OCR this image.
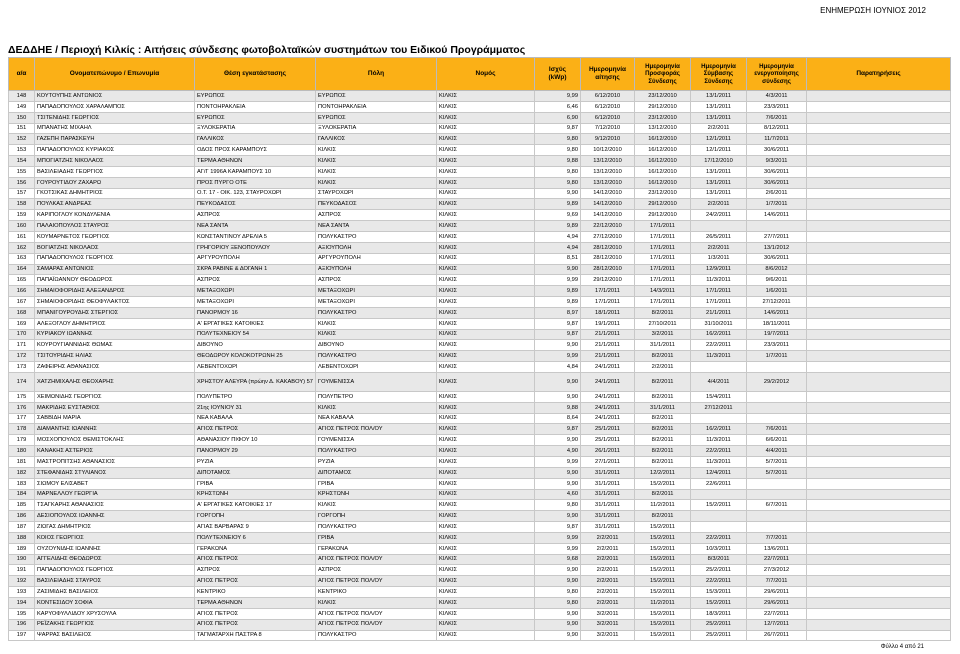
ΕΝΗΜΕΡΩΣΗ ΙΟΥΝΙΟΣ 2012
ΔΕΔΔΗΕ / Περιοχή Κιλκίς : Αιτήσεις σύνδεσης φωτοβολταϊκών συστημάτων του Ειδικού Προγράμματος
α/α	Ονοματεπώνυμο / Επωνυμία	Θέση εγκατάστασης	Πόλη	Νομός	Ισχύς
(kWp)	Ημερομηνία
αίτησης	Ημερομηνία
Προσφοράς
Σύνδεσης	Ημερομηνία
Σύμβασης
Σύνδεσης	Ημερομηνία
ενεργοποίησης
σύνδεσης	Παρατηρήσεις
148	ΚΟΥΤΟΥΠΗΣ ΑΝΤΩΝΙΟΣ	ΕΥΡΩΠΟΣ	ΕΥΡΩΠΟΣ	ΚΙΛΚΙΣ	9,99	6/12/2010	23/12/2010	13/1/2011	4/3/2011	
149	ΠΑΠΑΔΟΠΟΥΛΟΣ ΧΑΡΑΛΑΜΠΟΣ	ΠΟΝΤΟΗΡΑΚΛΕΙΑ	ΠΟΝΤΟΗΡΑΚΛΕΙΑ	ΚΙΛΚΙΣ	6,46	6/12/2010	29/12/2010	13/1/2011	23/3/2011	
150	ΤΣΙΤΕΝΙΔΗΣ ΓΕΩΡΓΙΟΣ	ΕΥΡΩΠΟΣ	ΕΥΡΩΠΟΣ	ΚΙΛΚΙΣ	6,90	6/12/2010	23/12/2010	13/1/2011	7/6/2011	
151	ΜΠΑΝΑΤΗΣ ΜΙΧΑΗΛ	ΞΥΛΟΚΕΡΑΤΙΑ	ΞΥΛΟΚΕΡΑΤΙΑ	ΚΙΛΚΙΣ	9,87	7/12/2010	13/12/2010	2/2/2011	8/12/2011	
152	ΓΑΖΕΠΗ ΠΑΡΑΣΚΕΥΗ	ΓΑΛΛΙΚΟΣ	ΓΑΛΛΙΚΟΣ	ΚΙΛΚΙΣ	9,80	9/12/2010	16/12/2010	12/1/2011	11/7/2011	
153	ΠΑΠΑΔΟΠΟΥΛΟΣ ΚΥΡΙΑΚΟΣ	ΟΔΟΣ ΠΡΟΣ ΚΑΡΑΜΠΟΥΣ	ΚΙΛΚΙΣ	ΚΙΛΚΙΣ	9,80	10/12/2010	16/12/2010	12/1/2011	30/6/2011	
154	ΜΠΟΓΙΑΤΖΗΣ ΝΙΚΟΛΑΟΣ	ΤΕΡΜΑ ΑΘΗΝΩΝ	ΚΙΛΚΙΣ	ΚΙΛΚΙΣ	9,88	13/12/2010	16/12/2010	17/12/2010	9/3/2011	
155	ΒΑΣΙΛΕΙΑΔΗΣ ΓΕΩΡΓΙΟΣ	ΑΓ/Γ 1996Α ΚΑΡΑΜΠΟΥΣ 10	ΚΙΛΚΙΣ	ΚΙΛΚΙΣ	9,80	13/12/2010	16/12/2010	13/1/2011	30/6/2011	
156	ΓΟΥΡΟΥΤΙΔΟΥ ΖΑΧΑΡΩ	ΠΡΟΣ ΠΥΡΓΟ ΟΤΕ	ΚΙΛΚΙΣ	ΚΙΛΚΙΣ	9,80	13/12/2010	16/12/2010	13/1/2011	30/6/2011	
157	ΓΚΟΤΣΙΚΑΣ ΔΗΜΗΤΡΙΟΣ	Ο.Τ. 17 - ΟΙΚ. 123, ΣΤΑΥΡΟΧΩΡΙ	ΣΤΑΥΡΟΧΩΡΙ	ΚΙΛΚΙΣ	9,90	14/12/2010	23/12/2010	13/1/2011	2/6/2011	
158	ΠΟΥΛΚΑΣ ΑΝΔΡΕΑΣ	ΠΕΥΚΟΔΑΣΟΣ	ΠΕΥΚΟΔΑΣΟΣ	ΚΙΛΚΙΣ	9,89	14/12/2010	29/12/2010	2/2/2011	1/7/2011	
159	ΚΑΡΙΠΟΓΛΟΥ ΚΟΝΔΥΛΕΝΙΑ	ΑΣΠΡΟΣ	ΑΣΠΡΟΣ	ΚΙΛΚΙΣ	9,69	14/12/2010	29/12/2010	24/2/2011	14/6/2011	
160	ΠΑΛΑΙΟΠΟΥΛΟΣ ΣΤΑΥΡΟΣ	ΝΕΑ ΣΑΝΤΑ	ΝΕΑ ΣΑΝΤΑ	ΚΙΛΚΙΣ	9,89	22/12/2010	17/1/2011			
161	ΚΟΥΜΑΡΝΕΤΟΣ ΓΕΩΡΓΙΟΣ	ΚΩΝΣΤΑΝΤΙΝΟΥ ΔΡΕΛΙΑ 5	ΠΟΛΥΚΑΣΤΡΟ	ΚΙΛΚΙΣ	4,94	27/12/2010	17/1/2011	26/5/2011	27/7/2011	
162	ΒΟΓΙΑΤΖΗΣ ΝΙΚΟΛΑΟΣ	ΓΡΗΓΟΡΙΟΥ ΞΕΝΟΠΟΥΛΟΥ	ΑΞΙΟΥΠΟΛΗ	ΚΙΛΚΙΣ	4,94	28/12/2010	17/1/2011	2/2/2011	13/1/2012	
163	ΠΑΠΑΔΟΠΟΥΛΟΣ ΓΕΩΡΓΙΟΣ	ΑΡΓΥΡΟΥΠΟΛΗ	ΑΡΓΥΡΟΥΠΟΛΗ	ΚΙΛΚΙΣ	8,51	28/12/2010	17/1/2011	1/3/2011	30/6/2011	
164	ΣΑΜΑΡΑΣ ΑΝΤΩΝΙΟΣ	ΣΚΡΑ ΡΑΒΙΝΕ & ΔΟΓΑΝΗ 1	ΑΞΙΟΥΠΟΛΗ	ΚΙΛΚΙΣ	9,90	28/12/2010	17/1/2011	12/9/2011	8/6/2012	
165	ΠΑΠΑΪΩΑΝΝΟΥ ΘΕΟΔΩΡΟΣ	ΑΣΠΡΟΣ	ΑΣΠΡΟΣ	ΚΙΛΚΙΣ	9,99	29/12/2010	17/1/2011	11/3/2011	9/6/2011	
166	ΣΗΜΑΙΟΦΟΡΙΔΗΣ ΑΛΕΞΑΝΔΡΟΣ	ΜΕΤΑΞΟΧΩΡΙ	ΜΕΤΑΞΟΧΩΡΙ	ΚΙΛΚΙΣ	9,89	17/1/2011	14/3/2011	17/1/2011	1/6/2011	
167	ΣΗΜΑΙΟΦΟΡΙΔΗΣ ΘΕΟΦΥΛΑΚΤΟΣ	ΜΕΤΑΞΟΧΩΡΙ	ΜΕΤΑΞΟΧΩΡΙ	ΚΙΛΚΙΣ	9,89	17/1/2011	17/1/2011	17/1/2011	27/12/2011	
168	ΜΠΑΝΙΓΟΥΡΟΥΔΗΣ ΣΤΕΡΓΙΟΣ	ΠΑΝΟΡΜΟΥ 16	ΠΟΛΥΚΑΣΤΡΟ	ΚΙΛΚΙΣ	8,97	18/1/2011	8/2/2011	21/1/2011	14/6/2011	
169	ΑΛΕΞΟΓΛΟΥ ΔΗΜΗΤΡΙΟΣ	Α' ΕΡΓΑΤΙΚΕΣ ΚΑΤΟΙΚΙΕΣ	ΚΙΛΚΙΣ	ΚΙΛΚΙΣ	9,87	19/1/2011	27/10/2011	31/10/2011	18/11/2011	
170	ΚΥΡΙΑΚΟΥ ΙΩΑΝΝΗΣ	ΠΟΛΥΤΕΧΝΕΙΟΥ 54	ΚΙΛΚΙΣ	ΚΙΛΚΙΣ	9,87	21/1/2011	3/2/2011	16/2/2011	19/7/2011	
171	ΚΟΥΡΟΥΓΙΑΝΝΙΔΗΣ ΘΩΜΑΣ	ΔΙΒΟΥΝΟ	ΔΙΒΟΥΝΟ	ΚΙΛΚΙΣ	9,90	21/1/2011	31/1/2011	22/2/2011	23/3/2011	
172	ΤΣΙΤΟΥΡΙΔΗΣ ΗΛΙΑΣ	ΘΕΟΔΩΡΟΥ ΚΟΛΟΚΟΤΡΩΝΗ 25	ΠΟΛΥΚΑΣΤΡΟ	ΚΙΛΚΙΣ	9,99	21/1/2011	8/2/2011	11/3/2011	1/7/2011	
173	ΖΑΦΕΙΡΗΣ ΑΘΑΝΑΣΙΟΣ	ΛΕΒΕΝΤΟΧΩΡΙ	ΛΕΒΕΝΤΟΧΩΡΙ	ΚΙΛΚΙΣ	4,84	24/1/2011	2/2/2011			
174	ΧΑΤΖΗΜΙΧΑΛΗΣ ΘΕΟΧΑΡΗΣ	ΧΡΗΣΤΟΥ ΑΛΕΥΡΑ (πρώην Δ. ΚΑΚΑΒΟΥ) 57	ΓΟΥΜΕΝΙΣΣΑ	ΚΙΛΚΙΣ	9,90	24/1/2011	8/2/2011	4/4/2011	29/2/2012	
175	ΧΕΙΜΩΝΙΔΗΣ ΓΕΩΡΓΙΟΣ	ΠΟΛΥΠΕΤΡΟ	ΠΟΛΥΠΕΤΡΟ	ΚΙΛΚΙΣ	9,90	24/1/2011	8/2/2011	15/4/2011		
176	ΜΑΚΡΙΔΗΣ ΕΥΣΤΑΘΙΟΣ	21ης ΙΟΥΝΙΟΥ 31	ΚΙΛΚΙΣ	ΚΙΛΚΙΣ	9,88	24/1/2011	31/1/2011	27/12/2011		
177	ΣΑΒΒΙΔΗ ΜΑΡΙΑ	ΝΕΑ ΚΑΒΑΛΑ	ΝΕΑ ΚΑΒΑΛΑ	ΚΙΛΚΙΣ	8,64	24/1/2011	8/2/2011			
178	ΔΙΑΜΑΝΤΗΣ ΙΩΑΝΝΗΣ	ΑΓΙΟΣ ΠΕΤΡΟΣ	ΑΓΙΟΣ ΠΕΤΡΟΣ ΠΟΛ/ΟΥ	ΚΙΛΚΙΣ	9,87	25/1/2011	8/2/2011	16/2/2011	7/6/2011	
179	ΜΟΣΧΟΠΟΥΛΟΣ ΘΕΜΙΣΤΟΚΛΗΣ	ΑΘΑΝΑΣΙΟΥ ΠΙΦΟΥ 10	ΓΟΥΜΕΝΙΣΣΑ	ΚΙΛΚΙΣ	9,90	25/1/2011	8/2/2011	11/3/2011	6/6/2011	
180	ΚΑΝΑΚΗΣ ΑΣΤΕΡΙΟΣ	ΠΑΝΟΡΜΟΥ 29	ΠΟΛΥΚΑΣΤΡΟ	ΚΙΛΚΙΣ	4,90	26/1/2011	8/2/2011	22/2/2011	4/4/2011	
181	ΜΑΣΤΡΟΠΙΤΣΗΣ ΑΘΑΝΑΣΙΟΣ	ΡΥΖΙΑ	ΡΥΖΙΑ	ΚΙΛΚΙΣ	9,99	27/1/2011	8/2/2011	11/3/2011	5/7/2011	
182	ΣΤΕΦΑΝΙΔΗΣ ΣΤΥΛΙΑΝΟΣ	ΔΙΠΟΤΑΜΟΣ	ΔΙΠΟΤΑΜΟΣ	ΚΙΛΚΙΣ	9,90	31/1/2011	12/2/2011	12/4/2011	5/7/2011	
183	ΣΙΩΜΟΥ ΕΛΙΣΑΒΕΤ	ΓΡΙΒΑ	ΓΡΙΒΑ	ΚΙΛΚΙΣ	9,90	31/1/2011	15/2/2011	22/6/2011		
184	ΜΑΡΝΕΛΛΟΥ ΓΕΩΡΓΙΑ	ΚΡΗΣΤΩΝΗ	ΚΡΗΣΤΩΝΗ	ΚΙΛΚΙΣ	4,60	31/1/2011	8/2/2011			
185	ΤΣΑΓΚΑΡΗΣ ΑΘΑΝΑΣΙΟΣ	Α' ΕΡΓΑΤΙΚΕΣ ΚΑΤΟΙΚΙΕΣ 17	ΚΙΛΚΙΣ	ΚΙΛΚΙΣ	9,80	31/1/2011	11/2/2011	15/2/2011	6/7/2011	
186	ΔΕΣΙΟΠΟΥΛΟΣ ΙΩΑΝΝΗΣ	ΓΟΡΓΟΠΗ	ΓΟΡΓΟΠΗ	ΚΙΛΚΙΣ	9,90	31/1/2011	8/2/2011			
187	ΖΙΩΓΑΣ ΔΗΜΗΤΡΙΟΣ	ΑΓΙΑΣ ΒΑΡΒΑΡΑΣ 9	ΠΟΛΥΚΑΣΤΡΟ	ΚΙΛΚΙΣ	9,87	31/1/2011	15/2/2011			
188	ΚΟΙΟΣ ΓΕΩΡΓΙΟΣ	ΠΟΛΥΤΕΧΝΕΙΟΥ 6	ΓΡΙΒΑ	ΚΙΛΚΙΣ	9,99	2/2/2011	15/2/2011	22/2/2011	7/7/2011	
189	ΟΥΖΟΥΝΙΔΗΣ ΙΩΑΝΝΗΣ	ΓΕΡΑΚΩΝΑ	ΓΕΡΑΚΩΝΑ	ΚΙΛΚΙΣ	9,99	2/2/2011	15/2/2011	10/3/2011	13/6/2011	
190	ΑΓΓΕΛΙΔΗΣ ΘΕΟΔΩΡΟΣ	ΑΓΙΟΣ ΠΕΤΡΟΣ	ΑΓΙΟΣ ΠΕΤΡΟΣ ΠΟΛ/ΟΥ	ΚΙΛΚΙΣ	9,68	2/2/2011	15/2/2011	8/3/2011	22/7/2011	
191	ΠΑΠΑΔΟΠΟΥΛΟΣ ΓΕΩΡΓΙΟΣ	ΑΣΠΡΟΣ	ΑΣΠΡΟΣ	ΚΙΛΚΙΣ	9,90	2/2/2011	15/2/2011	25/2/2011	27/3/2012	
192	ΒΑΣΙΛΕΙΑΔΗΣ ΣΤΑΥΡΟΣ	ΑΓΙΟΣ ΠΕΤΡΟΣ	ΑΓΙΟΣ ΠΕΤΡΟΣ ΠΟΛ/ΟΥ	ΚΙΛΚΙΣ	9,90	2/2/2011	15/2/2011	22/2/2011	7/7/2011	
193	ΖΑΣΙΜΙΔΗΣ ΒΑΣΙΛΕΙΟΣ	ΚΕΝΤΡΙΚΟ	ΚΕΝΤΡΙΚΟ	ΚΙΛΚΙΣ	9,80	2/2/2011	15/2/2011	15/3/2011	29/6/2011	
194	ΚΟΝΤΕΣΙΔΟΥ ΣΟΦΙΑ	ΤΕΡΜΑ ΑΘΗΝΩΝ	ΚΙΛΚΙΣ	ΚΙΛΚΙΣ	9,80	2/2/2011	11/2/2011	15/2/2011	29/6/2011	
195	ΚΑΡΥΟΦΥΛΛΙΔΟΥ ΧΡΥΣΟΥΛΑ	ΑΓΙΟΣ ΠΕΤΡΟΣ	ΑΓΙΟΣ ΠΕΤΡΟΣ ΠΟΛ/ΟΥ	ΚΙΛΚΙΣ	9,90	3/2/2011	15/2/2011	18/3/2011	22/7/2011	
196	ΡΕΪΖΑΚΗΣ ΓΕΩΡΓΙΟΣ	ΑΓΙΟΣ ΠΕΤΡΟΣ	ΑΓΙΟΣ ΠΕΤΡΟΣ ΠΟΛ/ΟΥ	ΚΙΛΚΙΣ	9,90	3/2/2011	15/2/2011	25/2/2011	12/7/2011	
197	ΨΑΡΡΑΣ ΒΑΣΙΛΕΙΟΣ	ΤΑΓΜΑΤΑΡΧΗ ΠΑΣΤΡΑ 8	ΠΟΛΥΚΑΣΤΡΟ	ΚΙΛΚΙΣ	9,90	3/2/2011	15/2/2011	25/2/2011	26/7/2011	
Φύλλο 4 από 21
